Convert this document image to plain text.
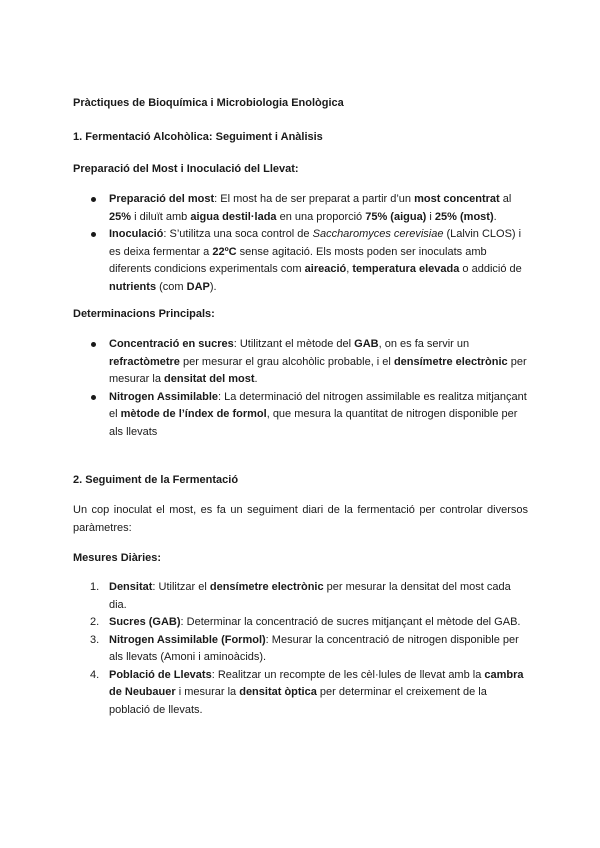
Pràctiques de Bioquímica i Microbiologia Enològica

1. Fermentació Alcohòlica: Seguiment i Anàlisis

Preparació del Most i Inoculació del Llevat:

Preparació del most: El most ha de ser preparat a partir d’un most concentrat al 25% i diluït amb aigua destil·lada en una proporció 75% (aigua) i 25% (most).
Inoculació: S’utilitza una soca control de Saccharomyces cerevisiae (Lalvin CLOS) i es deixa fermentar a 22ºC sense agitació. Els mosts poden ser inoculats amb diferents condicions experimentals com aireació, temperatura elevada o addició de nutrients (com DAP).

Determinacions Principals:

Concentració en sucres: Utilitzant el mètode del GAB, on es fa servir un refractòmetre per mesurar el grau alcohòlic probable, i el densímetre electrònic per mesurar la densitat del most.
Nitrogen Assimilable: La determinació del nitrogen assimilable es realitza mitjançant el mètode de l’índex de formol, que mesura la quantitat de nitrogen disponible per als llevats

2. Seguiment de la Fermentació

Un cop inoculat el most, es fa un seguiment diari de la fermentació per controlar diversos paràmetres:

Mesures Diàries:

1. Densitat: Utilitzar el densímetre electrònic per mesurar la densitat del most cada dia.
2. Sucres (GAB): Determinar la concentració de sucres mitjançant el mètode del GAB.
3. Nitrogen Assimilable (Formol): Mesurar la concentració de nitrogen disponible per als llevats (Amoni i aminoàcids).
4. Població de Llevats: Realitzar un recompte de les cèl·lules de llevat amb la cambra de Neubauer i mesurar la densitat òptica per determinar el creixement de la població de llevats.
